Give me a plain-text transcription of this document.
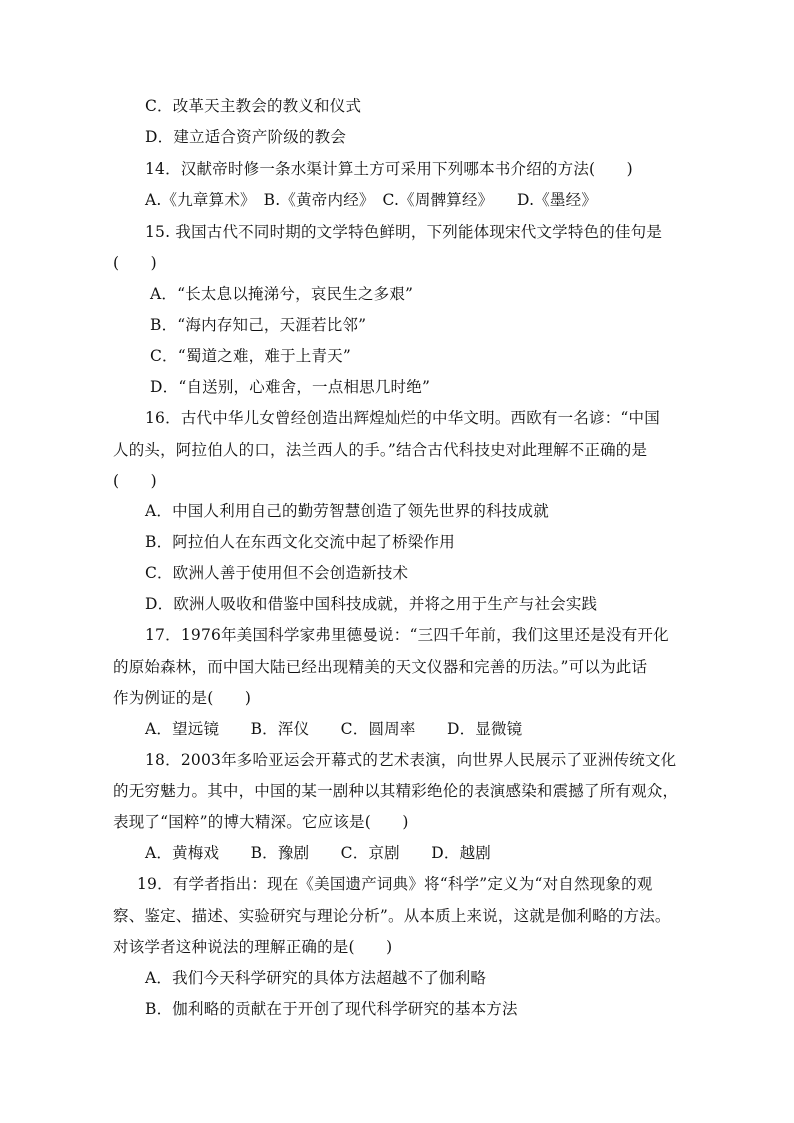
C．改革天主教会的教义和仪式
D．建立适合资产阶级的教会
14．汉献帝时修一条水渠计算土方可采用下列哪本书介绍的方法(　　)
A.《九章算术》　B.《黄帝内经》　C.《周髀算经》　　D.《墨经》
15. 我国古代不同时期的文学特色鲜明，下列能体现宋代文学特色的佳句是
(　　)
A．“长太息以掩涕兮，哀民生之多艰”
B．“海内存知己，天涯若比邻”
C．“蜀道之难，难于上青天”
D．“自送别，心难舍，一点相思几时绝”
16．古代中华儿女曾经创造出辉煌灿烂的中华文明。西欧有一名谚：“中国
人的头，阿拉伯人的口，法兰西人的手。”结合古代科技史对此理解不正确的是
(　　)
A．中国人利用自己的勤劳智慧创造了领先世界的科技成就
B．阿拉伯人在东西文化交流中起了桥梁作用
C．欧洲人善于使用但不会创造新技术
D．欧洲人吸收和借鉴中国科技成就，并将之用于生产与社会实践
17．1976年美国科学家弗里德曼说：“三四千年前，我们这里还是没有开化
的原始森林，而中国大陆已经出现精美的天文仪器和完善的历法。”可以为此话
作为例证的是(　　)
A．望远镜　　B．浑仪　　C．圆周率　　D．显微镜
18．2003年多哈亚运会开幕式的艺术表演，向世界人民展示了亚洲传统文化
的无穷魅力。其中，中国的某一剧种以其精彩绝伦的表演感染和震撼了所有观众，
表现了“国粹”的博大精深。它应该是(　　)
A．黄梅戏　　B．豫剧　　C．京剧　　D．越剧
19．有学者指出：现在《美国遗产词典》将“科学”定义为“对自然现象的观
察、鉴定、描述、实验研究与理论分析”。从本质上来说，这就是伽利略的方法。
对该学者这种说法的理解正确的是(　　)
A．我们今天科学研究的具体方法超越不了伽利略
B．伽利略的贡献在于开创了现代科学研究的基本方法
